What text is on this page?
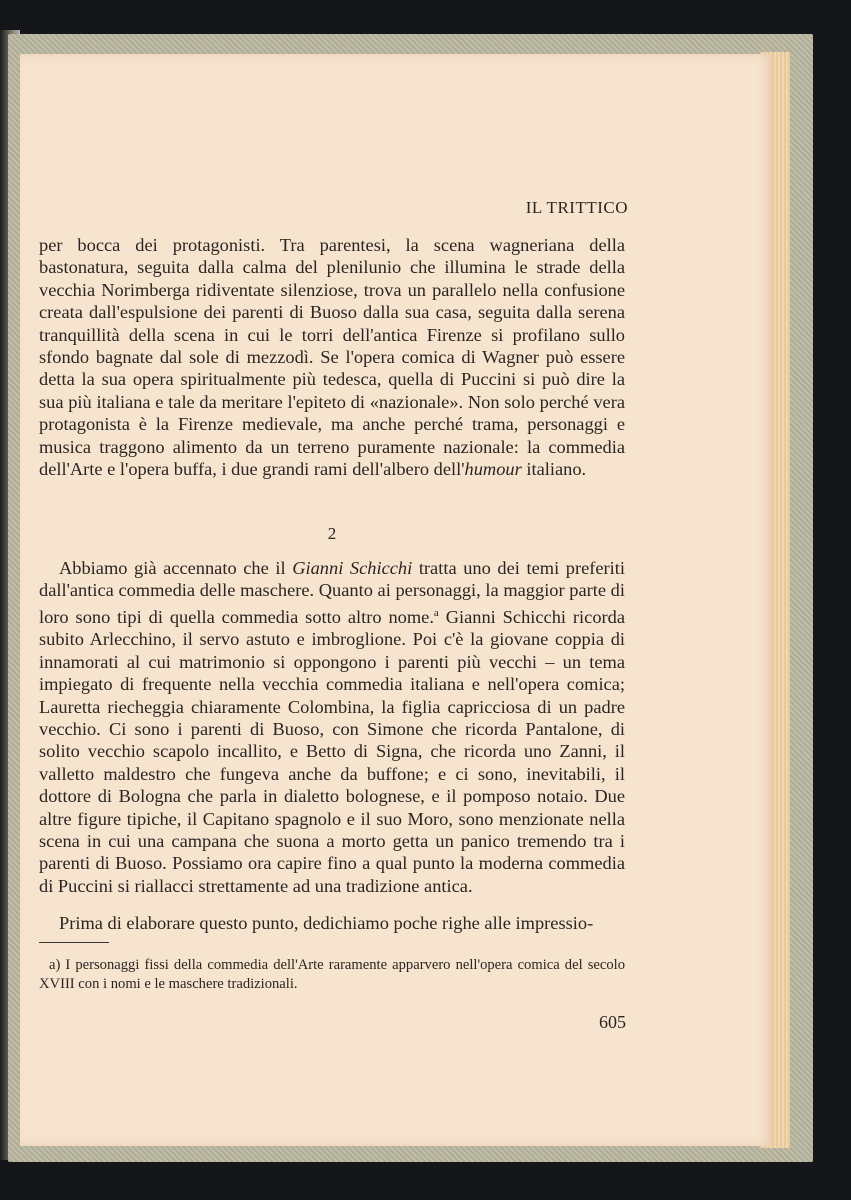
IL TRITTICO

per bocca dei protagonisti. Tra parentesi, la scena wagneriana della bastonatura, seguita dalla calma del plenilunio che illumina le strade della vecchia Norimberga ridiventate silenziose, trova un parallelo nella confusione creata dall'espulsione dei parenti di Buoso dalla sua casa, seguita dalla serena tranquillità della scena in cui le torri dell'antica Firenze si profilano sullo sfondo bagnate dal sole di mezzodì. Se l'opera comica di Wagner può essere detta la sua opera spiritualmente più tedesca, quella di Puccini si può dire la sua più italiana e tale da meritare l'epiteto di «nazionale». Non solo perché vera protagonista è la Firenze medievale, ma anche perché trama, personaggi e musica traggono alimento da un terreno puramente nazionale: la commedia dell'Arte e l'opera buffa, i due grandi rami dell'albero dell'humour italiano.

2

Abbiamo già accennato che il Gianni Schicchi tratta uno dei temi preferiti dall'antica commedia delle maschere. Quanto ai personaggi, la maggior parte di loro sono tipi di quella commedia sotto altro nome.$^a$ Gianni Schicchi ricorda subito Arlecchino, il servo astuto e imbroglione. Poi c'è la giovane coppia di innamorati al cui matrimonio si oppongono i parenti più vecchi – un tema impiegato di frequente nella vecchia commedia italiana e nell'opera comica; Lauretta riecheggia chiaramente Colombina, la figlia capricciosa di un padre vecchio. Ci sono i parenti di Buoso, con Simone che ricorda Pantalone, di solito vecchio scapolo incallito, e Betto di Signa, che ricorda uno Zanni, il valletto maldestro che fungeva anche da buffone; e ci sono, inevitabili, il dottore di Bologna che parla in dialetto bolognese, e il pomposo notaio. Due altre figure tipiche, il Capitano spagnolo e il suo Moro, sono menzionate nella scena in cui una campana che suona a morto getta un panico tremendo tra i parenti di Buoso. Possiamo ora capire fino a qual punto la moderna commedia di Puccini si riallacci strettamente ad una tradizione antica.

Prima di elaborare questo punto, dedichiamo poche righe alle impressio-

a) I personaggi fissi della commedia dell'Arte raramente apparvero nell'opera comica del secolo XVIII con i nomi e le maschere tradizionali.

605
